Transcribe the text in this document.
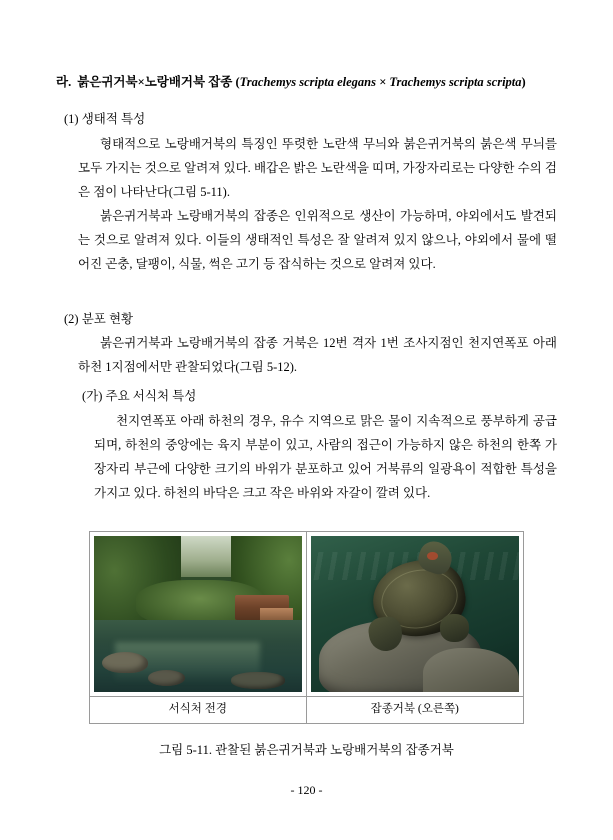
라. 붉은귀거북×노랑배거북 잡종 (Trachemys scripta elegans × Trachemys scripta scripta)
(1) 생태적 특성

형태적으로 노랑배거북의 특징인 뚜렷한 노란색 무늬와 붉은귀거북의 붉은색 무늬를 모두 가지는 것으로 알려져 있다. 배갑은 밝은 노란색을 띠며, 가장자리로는 다양한 수의 검은 점이 나타난다(그림 5-11).

붉은귀거북과 노랑배거북의 잡종은 인위적으로 생산이 가능하며, 야외에서도 발견되는 것으로 알려져 있다. 이들의 생태적인 특성은 잘 알려져 있지 않으나, 야외에서 물에 떨어진 곤충, 달팽이, 식물, 썩은 고기 등 잡식하는 것으로 알려져 있다.

(2) 분포 현황

붉은귀거북과 노랑배거북의 잡종 거북은 12번 격자 1번 조사지점인 천지연폭포 아래 하천 1지점에서만 관찰되었다(그림 5-12).

(가) 주요 서식처 특성

천지연폭포 아래 하천의 경우, 유수 지역으로 맑은 물이 지속적으로 풍부하게 공급되며, 하천의 중앙에는 육지 부분이 있고, 사람의 접근이 가능하지 않은 하천의 한쪽 가장자리 부근에 다양한 크기의 바위가 분포하고 있어 거북류의 일광욕이 적합한 특성을 가지고 있다. 하천의 바닥은 크고 작은 바위와 자갈이 깔려 있다.

서식처 전경	잡종거북 (오른쪽)
그림 5-11. 관찰된 붉은귀거북과 노랑배거북의 잡종거북
- 120 -
